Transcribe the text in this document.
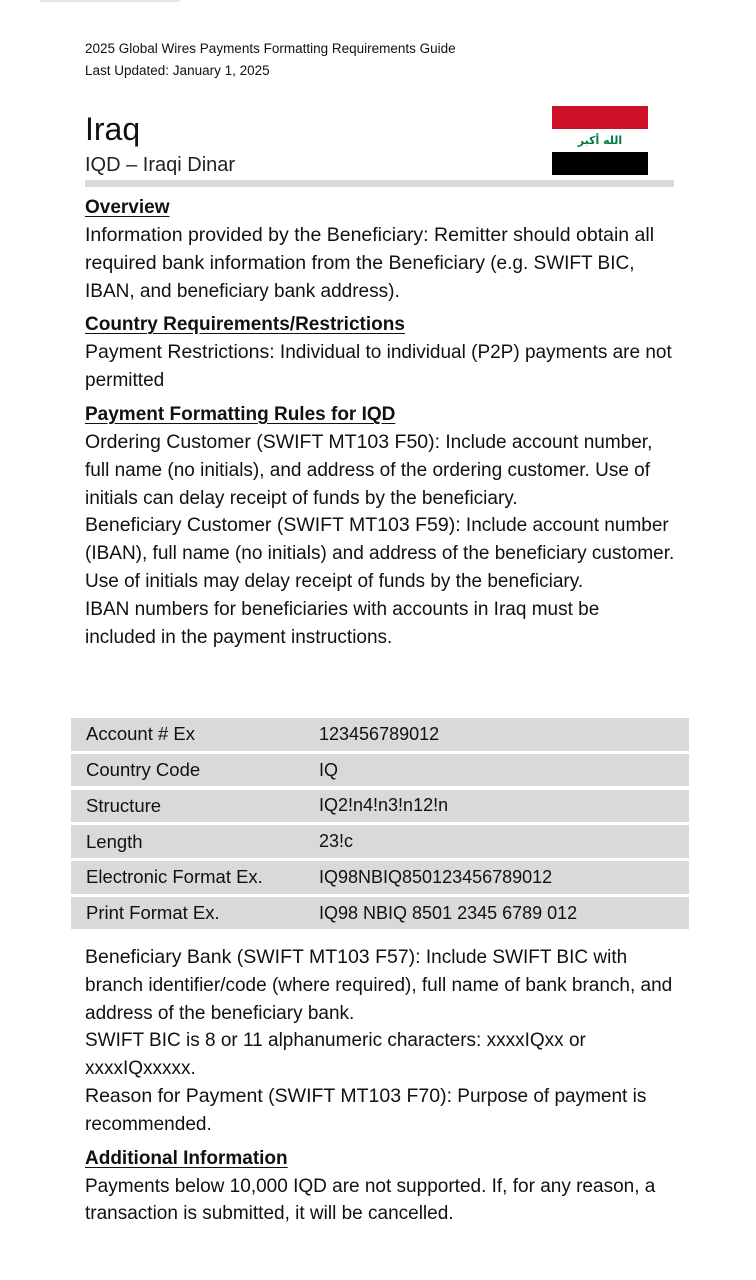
2025 Global Wires Payments Formatting Requirements Guide
Last Updated: January 1, 2025
Iraq
IQD – Iraqi Dinar
الله أكبر
Overview

Information provided by the Beneficiary: Remitter should obtain all required bank information from the Beneficiary (e.g. SWIFT BIC, IBAN, and beneficiary bank address).

Country Requirements/Restrictions

Payment Restrictions: Individual to individual (P2P) payments are not permitted

Payment Formatting Rules for IQD

Ordering Customer (SWIFT MT103 F50): Include account number, full name (no initials), and address of the ordering customer. Use of initials can delay receipt of funds by the beneficiary.

Beneficiary Customer (SWIFT MT103 F59): Include account number (IBAN), full name (no initials) and address of the beneficiary customer. Use of initials may delay receipt of funds by the beneficiary.

IBAN numbers for beneficiaries with accounts in Iraq must be included in the payment instructions.

Account # Ex	123456789012
Country Code	IQ
Structure	IQ2!n4!n3!n12!n
Length	23!c
Electronic Format Ex.	IQ98NBIQ850123456789012
Print Format Ex.	IQ98 NBIQ 8501 2345 6789 012

Beneficiary Bank (SWIFT MT103 F57): Include SWIFT BIC with branch identifier/code (where required), full name of bank branch, and address of the beneficiary bank.

SWIFT BIC is 8 or 11 alphanumeric characters: xxxxIQxx or xxxxIQxxxxx.

Reason for Payment (SWIFT MT103 F70): Purpose of payment is recommended.

Additional Information

Payments below 10,000 IQD are not supported. If, for any reason, a transaction is submitted, it will be cancelled.
